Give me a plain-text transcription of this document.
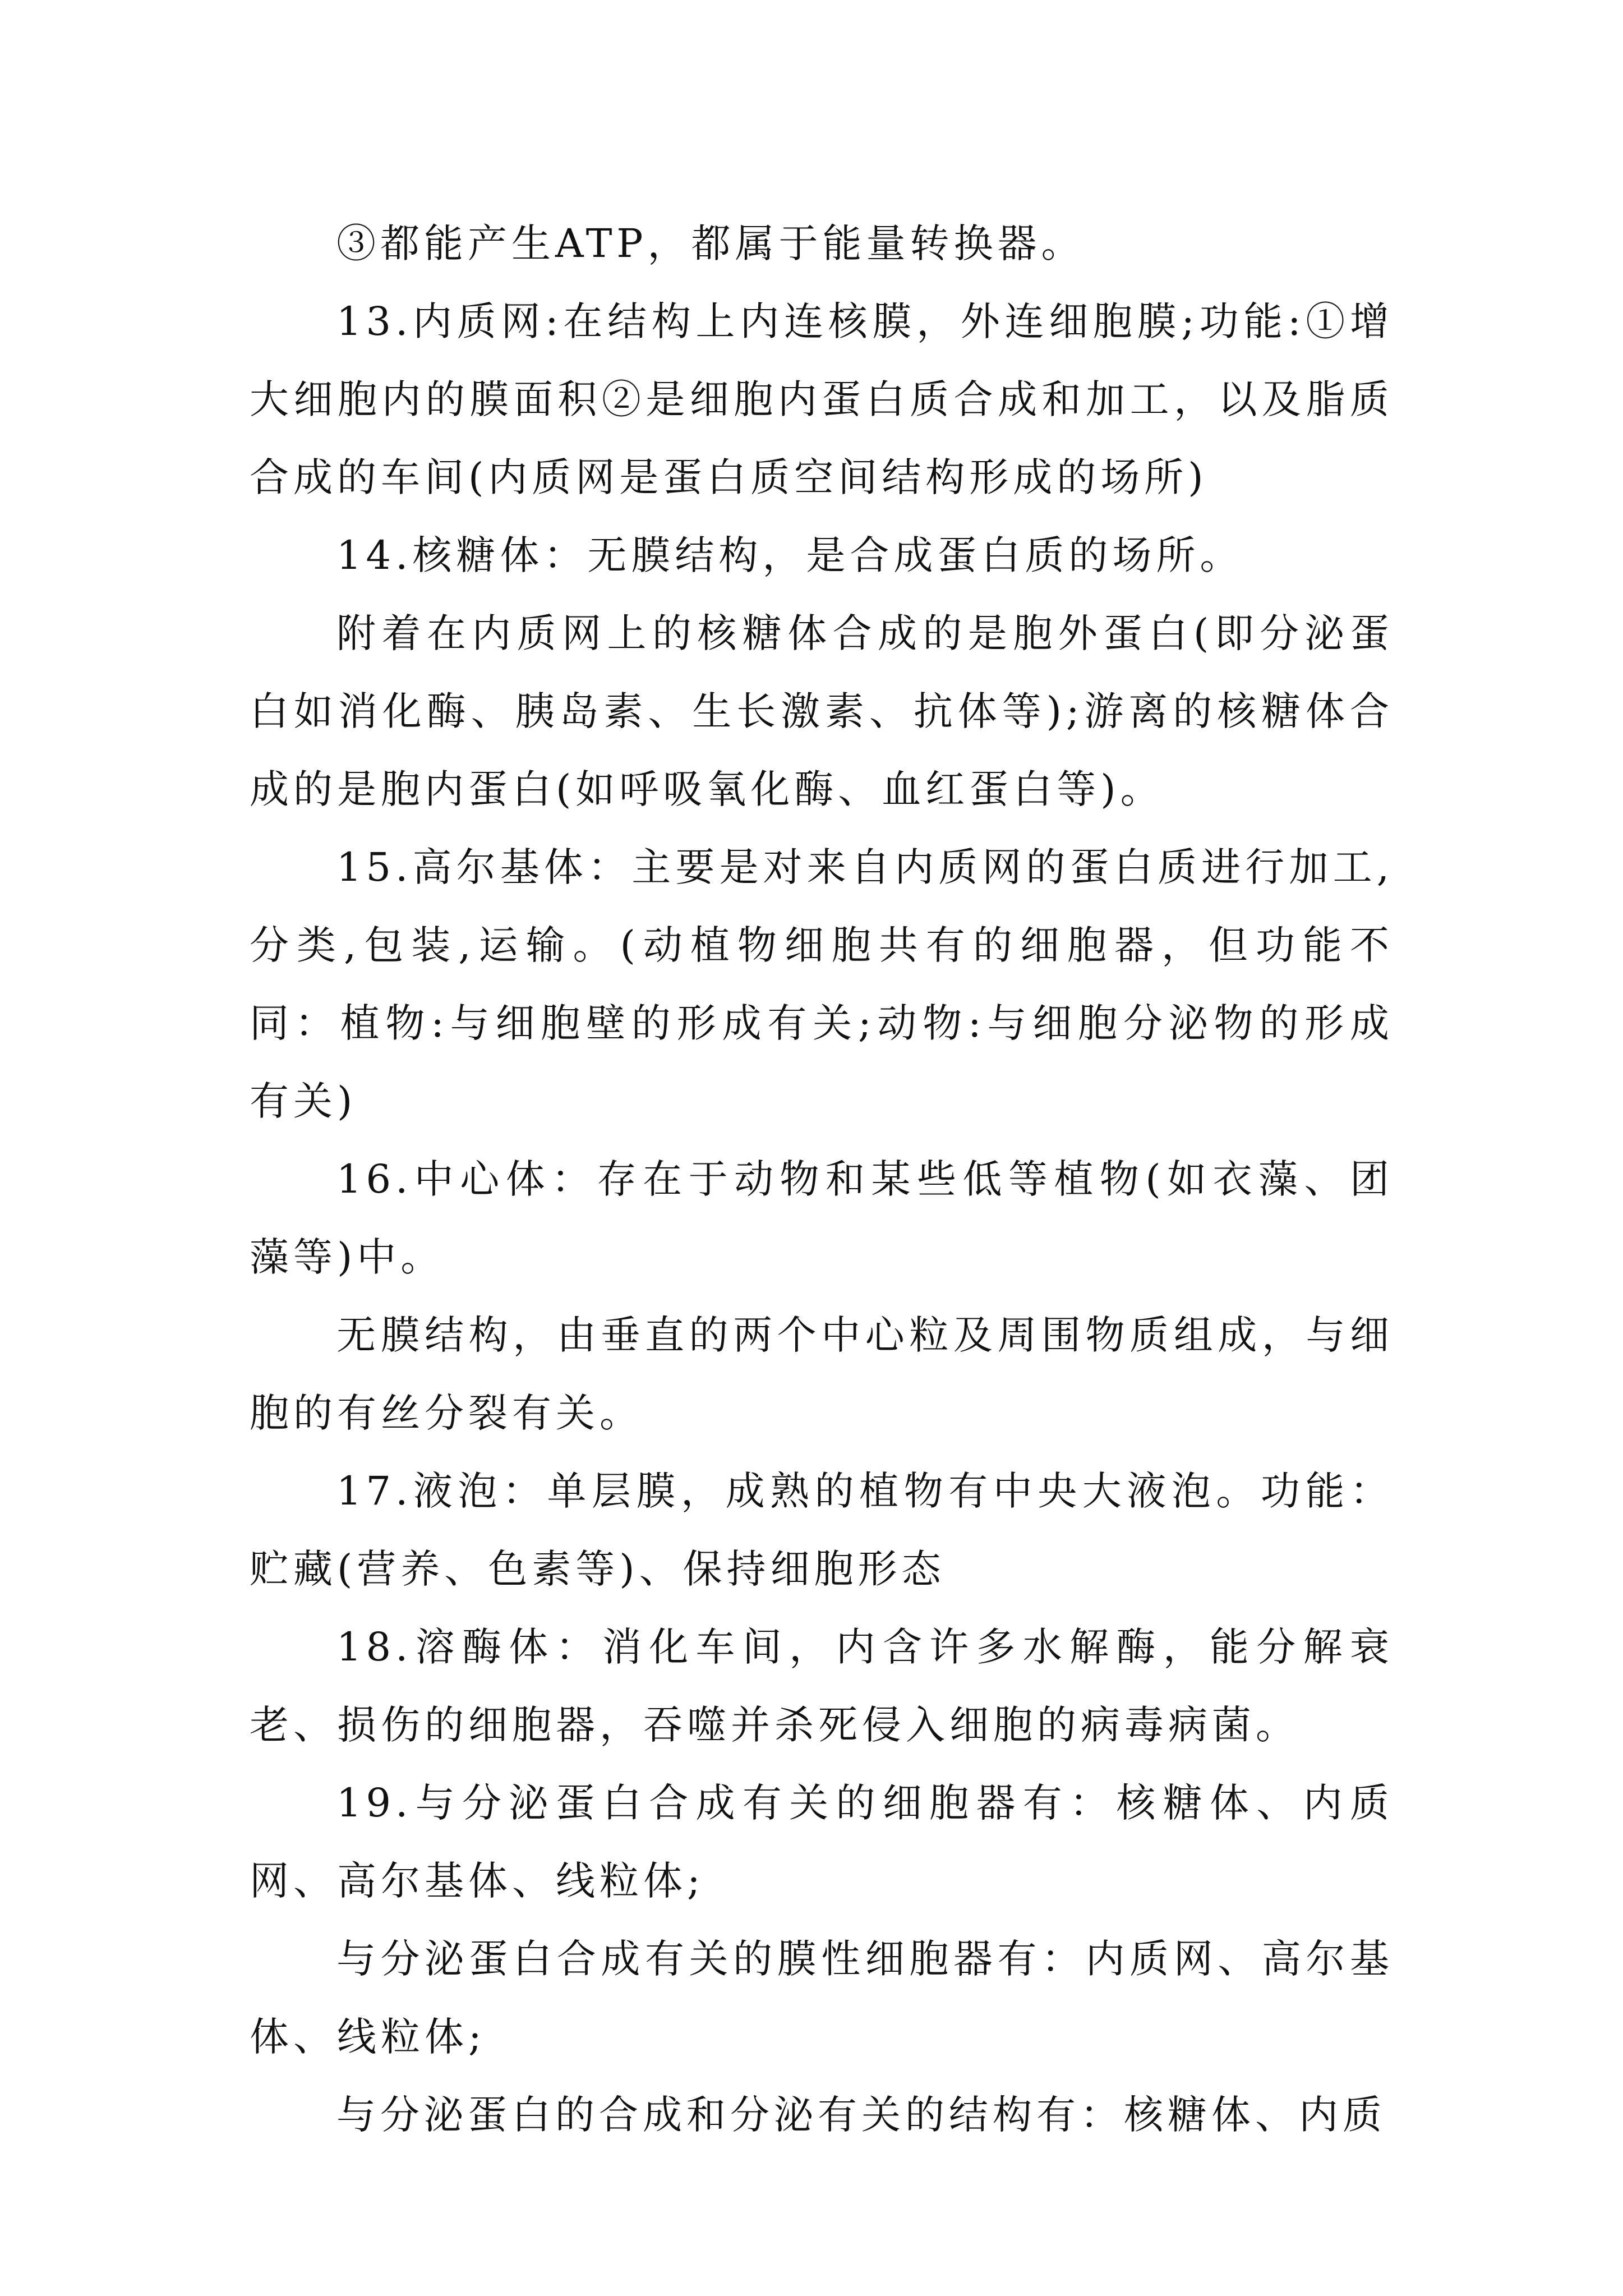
③都能产生ATP，都属于能量转换器。

13.内质网:在结构上内连核膜，外连细胞膜;功能:①增大细胞内的膜面积②是细胞内蛋白质合成和加工，以及脂质合成的车间(内质网是蛋白质空间结构形成的场所)

14.核糖体：无膜结构，是合成蛋白质的场所。

附着在内质网上的核糖体合成的是胞外蛋白(即分泌蛋白如消化酶、胰岛素、生长激素、抗体等);游离的核糖体合成的是胞内蛋白(如呼吸氧化酶、血红蛋白等)。

15.高尔基体：主要是对来自内质网的蛋白质进行加工,分类,包装,运输。(动植物细胞共有的细胞器，但功能不同：植物:与细胞壁的形成有关;动物:与细胞分泌物的形成有关)

16.中心体：存在于动物和某些低等植物(如衣藻、团藻等)中。

无膜结构，由垂直的两个中心粒及周围物质组成，与细胞的有丝分裂有关。

17.液泡：单层膜，成熟的植物有中央大液泡。功能：贮藏(营养、色素等)、保持细胞形态

18.溶酶体：消化车间，内含许多水解酶，能分解衰老、损伤的细胞器，吞噬并杀死侵入细胞的病毒病菌。

19.与分泌蛋白合成有关的细胞器有：核糖体、内质网、高尔基体、线粒体;

与分泌蛋白合成有关的膜性细胞器有：内质网、高尔基体、线粒体;

与分泌蛋白的合成和分泌有关的结构有：核糖体、内质
